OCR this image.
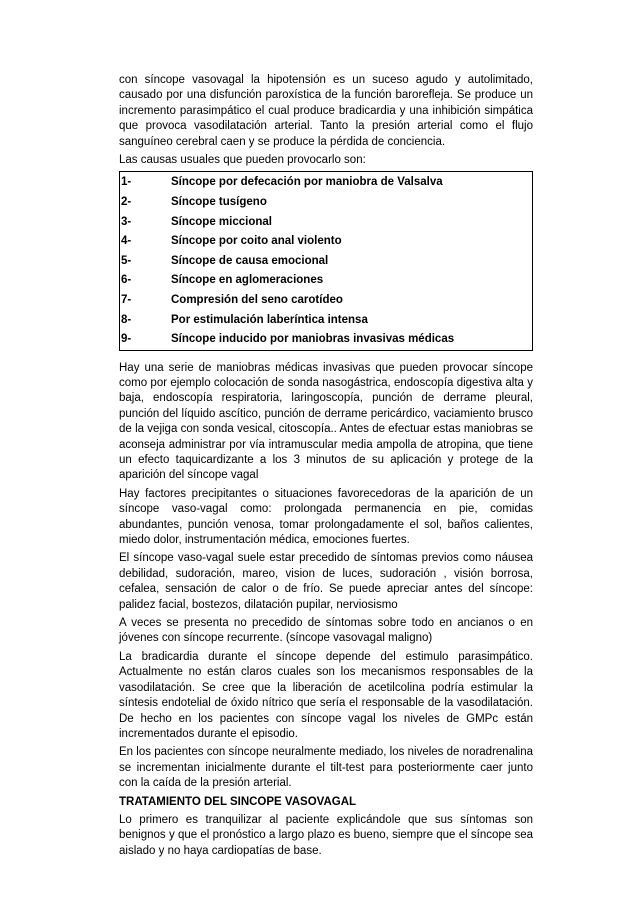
con síncope vasovagal la hipotensión es un suceso agudo y autolimitado, causado por una disfunción paroxística de la función barorefleja. Se produce un incremento parasimpático el cual produce bradicardia y una inhibición simpática que provoca vasodilatación arterial. Tanto la presión arterial como el flujo sanguíneo cerebral caen y se produce la pérdida de conciencia.

Las causas usuales que pueden provocarlo son:

1-	Síncope por defecación por maniobra de Valsalva
2-	Síncope tusígeno
3-	Síncope miccional
4-	Síncope por coito anal violento
5-	Síncope de causa emocional
6-	Síncope en aglomeraciones
7-	Compresión del seno carotídeo
8-	Por estimulación laberíntica intensa
9-	Síncope inducido por maniobras invasivas médicas

Hay una serie de maniobras médicas invasivas que pueden provocar síncope como por ejemplo colocación de sonda nasogástrica, endoscopía digestiva alta y baja, endoscopía respiratoria, laringoscopía, punción de derrame pleural, punción del líquido ascítico, punción de derrame pericárdico, vaciamiento brusco de la vejiga con sonda vesical, citoscopía.. Antes de efectuar estas maniobras se aconseja administrar por vía intramuscular media ampolla de atropina, que tiene un efecto taquicardizante a los 3 minutos de su aplicación y protege de la aparición del síncope vagal

Hay factores precipitantes o situaciones favorecedoras de la aparición de un síncope vaso-vagal como: prolongada permanencia en pie, comidas abundantes, punción venosa, tomar prolongadamente el sol, baños calientes, miedo dolor, instrumentación médica, emociones fuertes.

El síncope vaso-vagal suele estar precedido de síntomas previos como náusea debilidad, sudoración, mareo, vision de luces, sudoración , visión borrosa, cefalea, sensación de calor o de frío. Se puede apreciar antes del síncope: palidez facial, bostezos, dilatación pupilar, nerviosismo

A veces se presenta no precedido de síntomas sobre todo en ancianos o en jóvenes con síncope recurrente. (síncope vasovagal maligno)

La bradicardia durante el síncope depende del estimulo parasimpático. Actualmente no están claros cuales son los mecanismos responsables de la vasodilatación. Se cree que la liberación de acetilcolina podría estimular la síntesis endotelial de óxido nítrico que sería el responsable de la vasodilatación. De hecho en los pacientes con síncope vagal los niveles de GMPc están incrementados durante el episodio.

En los pacientes con síncope neuralmente mediado, los niveles de noradrenalina se incrementan inicialmente durante el tilt-test para posteriormente caer junto con la caída de la presión arterial.

TRATAMIENTO DEL SINCOPE VASOVAGAL

Lo primero es tranquilizar al paciente explicándole que sus síntomas son benignos y que el pronóstico a largo plazo es bueno, siempre que el síncope sea aislado y no haya cardiopatías de base.
